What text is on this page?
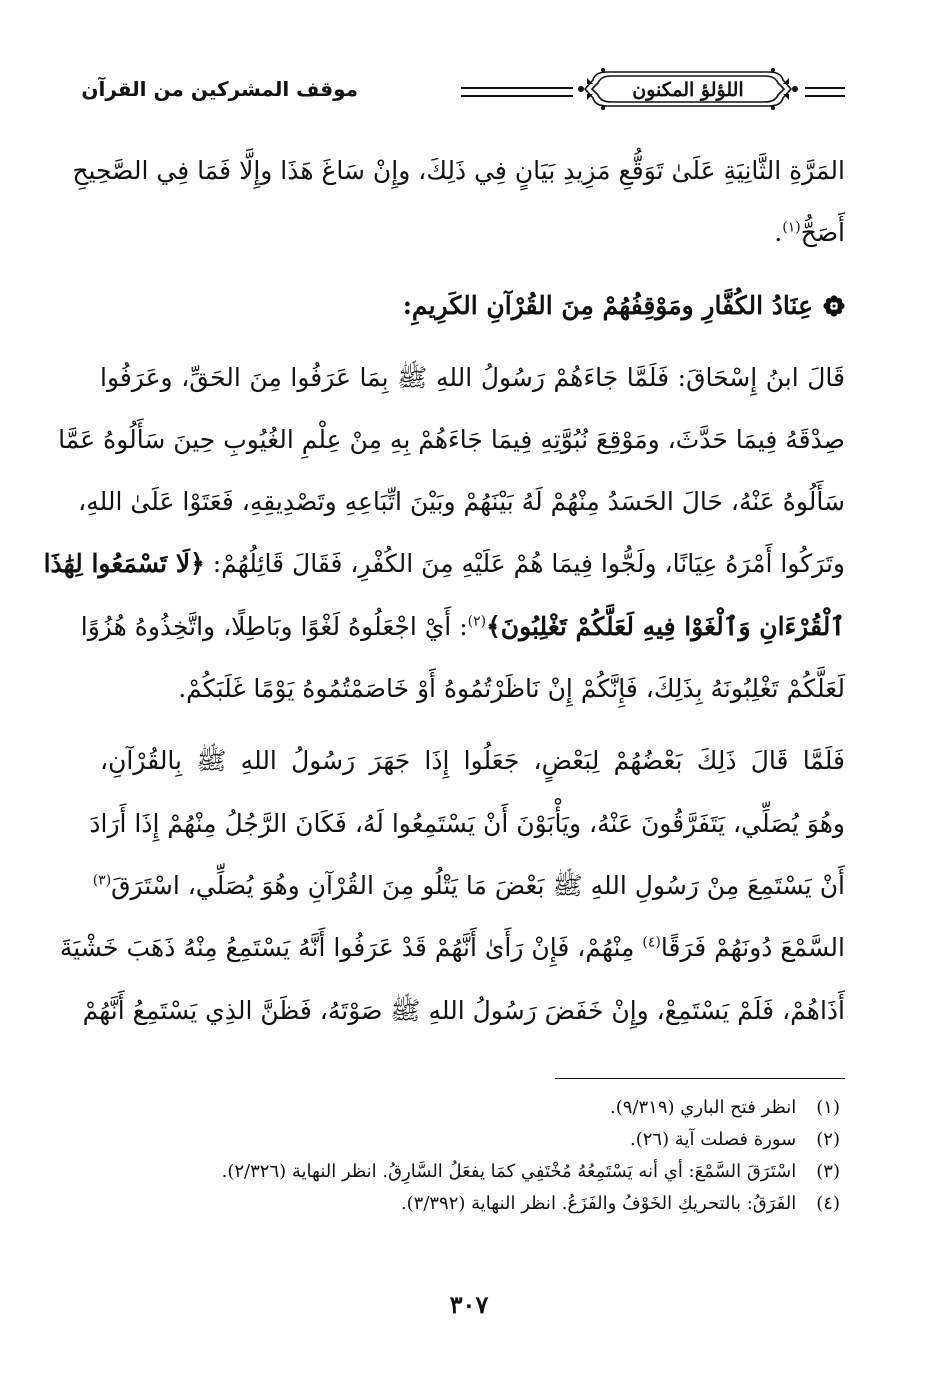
اللؤلؤ المكنون
موقف المشركين من القرآن
المَرَّةِ الثَّانِيَةِ عَلَىٰ تَوَقُّعِ مَزِيدِ بَيَانٍ فِي ذَلِكَ، وإِنْ سَاغَ هَذَا وإِلَّا فَمَا فِي الصَّحِيحِ
أَصَحُّ$^{(١)}$.
عِنَادُ الكُفَّارِ ومَوْقِفُهُمْ مِنَ القُرْآنِ الكَرِيمِ:
قَالَ ابنُ إِسْحَاقَ: فَلَمَّا جَاءَهُمْ رَسُولُ اللهِ ﷺ بِمَا عَرَفُوا مِنَ الحَقِّ، وعَرَفُوا
صِدْقَهُ فِيمَا حَدَّثَ، ومَوْقِعَ نُبُوَّتِهِ فِيمَا جَاءَهُمْ بِهِ مِنْ عِلْمِ الغُيُوبِ حِينَ سَأَلُوهُ عَمَّا
سَأَلُوهُ عَنْهُ، حَالَ الحَسَدُ مِنْهُمْ لَهُ بَيْنَهُمْ وبَيْنَ اتِّبَاعِهِ وتَصْدِيقِهِ، فَعَتَوْا عَلَىٰ اللهِ،
وتَرَكُوا أَمْرَهُ عِيَانًا، ولَجُّوا فِيمَا هُمْ عَلَيْهِ مِنَ الكُفْرِ، فَقَالَ قَائِلُهُمْ: ﴿لَا تَسْمَعُوا لِهَٰذَا
ٱلْقُرْءَانِ وَٱلْغَوْا فِيهِ لَعَلَّكُمْ تَغْلِبُونَ﴾$^{(٢)}$: أَيْ اجْعَلُوهُ لَغْوًا وبَاطِلًا، واتَّخِذُوهُ هُزُوًا
لَعَلَّكُمْ تَغْلِبُونَهُ بِذَلِكَ، فَإِنَّكُمْ إِنْ نَاظَرْتُمُوهُ أَوْ خَاصَمْتُمُوهُ يَوْمًا غَلَبَكُمْ.
فَلَمَّا قَالَ ذَلِكَ بَعْضُهُمْ لِبَعْضٍ، جَعَلُوا إِذَا جَهَرَ رَسُولُ اللهِ ﷺ بِالقُرْآنِ،
وهُوَ يُصَلِّي، يَتَفَرَّقُونَ عَنْهُ، ويَأْبَوْنَ أَنْ يَسْتَمِعُوا لَهُ، فَكَانَ الرَّجُلُ مِنْهُمْ إِذَا أَرَادَ
أَنْ يَسْتَمِعَ مِنْ رَسُولِ اللهِ ﷺ بَعْضَ مَا يَتْلُو مِنَ القُرْآنِ وهُوَ يُصَلِّي، اسْتَرَقَ$^{(٣)}$
السَّمْعَ دُونَهُمْ فَرَقًا$^{(٤)}$ مِنْهُمْ، فَإِنْ رَأَىٰ أَنَّهُمْ قَدْ عَرَفُوا أَنَّهُ يَسْتَمِعُ مِنْهُ ذَهَبَ خَشْيَةَ
أَذَاهُمْ، فَلَمْ يَسْتَمِعْ، وإِنْ خَفَضَ رَسُولُ اللهِ ﷺ صَوْتَهُ، فَظَنَّ الذِي يَسْتَمِعُ أَنَّهُمْ
(١) انظر فتح الباري (٩/٣١٩).
(٢) سورة فصلت آية (٢٦).
(٣) اسْتَرَقَ السَّمْعَ: أي أنه يَسْتَمِعُهُ مُخْتَفِي كمَا يفعَلُ السَّارِقُ. انظر النهاية (٢/٣٢٦).
(٤) الفَرَقُ: بالتحريكِ الخَوْفُ والفَزَعُ. انظر النهاية (٣/٣٩٢).
٣٠٧
